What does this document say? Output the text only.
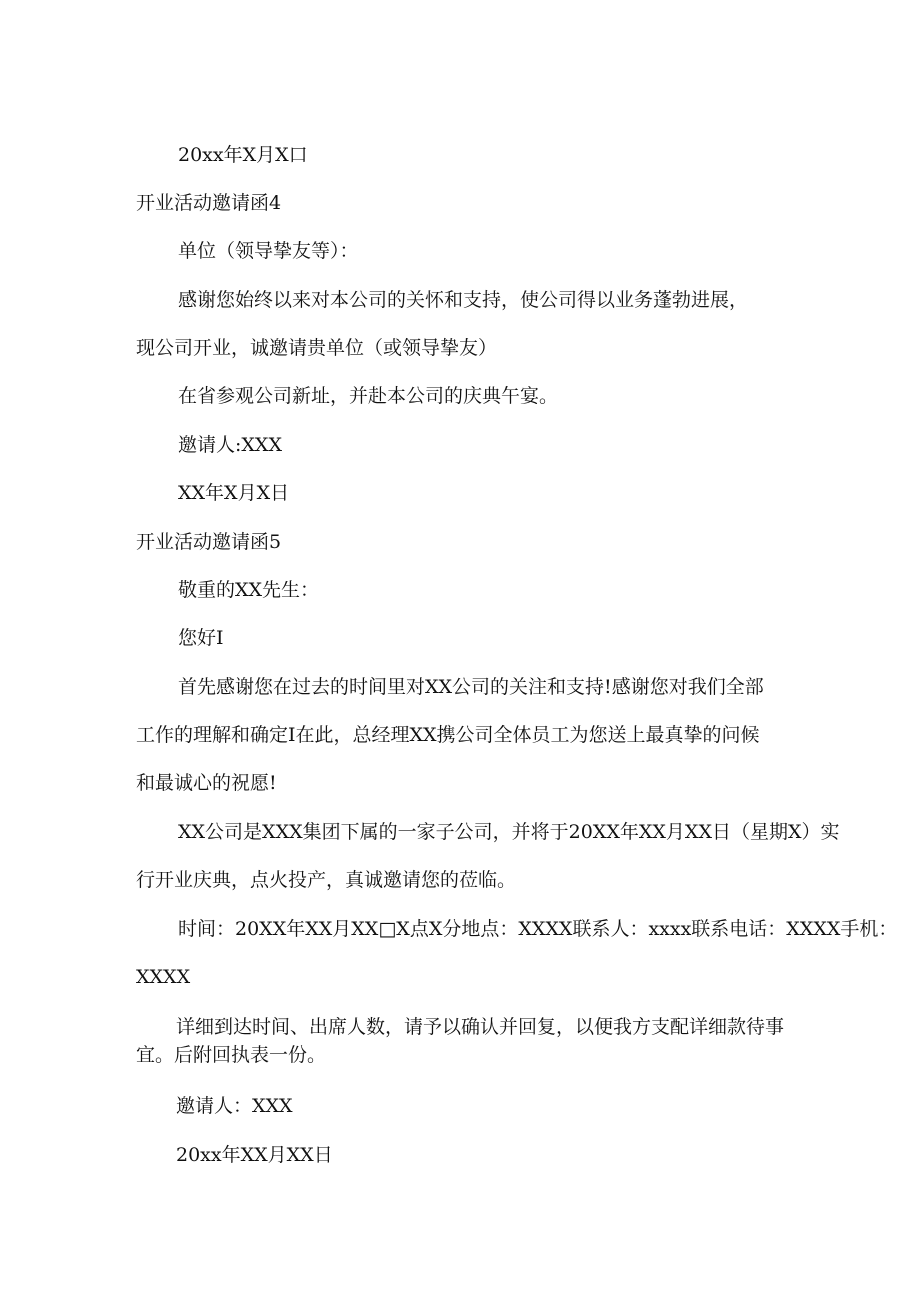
20xx年X月X口

开业活动邀请函4

单位（领导挚友等）：

感谢您始终以来对本公司的关怀和支持，使公司得以业务蓬勃进展，

现公司开业，诚邀请贵单位（或领导挚友）

在省参观公司新址，并赴本公司的庆典午宴。

邀请人:XXX

XX年X月X日

开业活动邀请函5

敬重的XX先生：

您好I

首先感谢您在过去的时间里对XX公司的关注和支持!感谢您对我们全部

工作的理解和确定I在此，总经理XX携公司全体员工为您送上最真挚的问候

和最诚心的祝愿!

XX公司是XXX集团下属的一家子公司，并将于20XX年XX月XX日（星期X）实

行开业庆典，点火投产，真诚邀请您的莅临。

时间：20XX年XX月XX□X点X分地点：XXXX联系人：xxxx联系电话：XXXX手机：

XXXX

详细到达时间、出席人数，请予以确认并回复，以便我方支配详细款待事宜。后附回执表一份。

邀请人：XXX

20xx年XX月XX日
